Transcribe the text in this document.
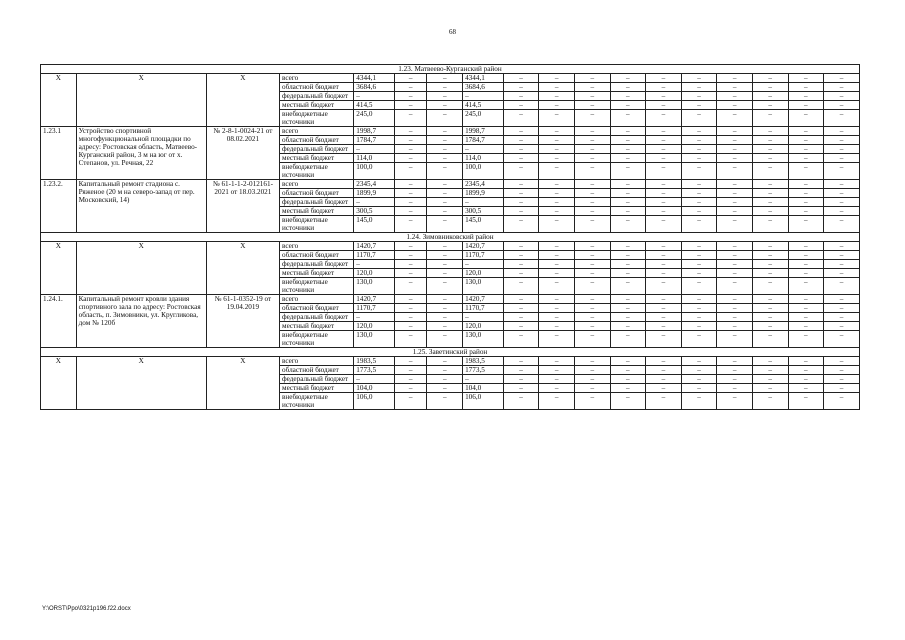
68
1.23. Матвеево-Курганский район																	
X	X	X	всего	4344,1	–	–	4344,1	–	–	–	–	–	–	–	–	–	–
			областной бюджет	3684,6	–	–	3684,6	–	–	–	–	–	–	–	–	–	–
			федеральный бюджет	–	–	–	–	–	–	–	–	–	–	–	–	–	–
			местный бюджет	414,5	–	–	414,5	–	–	–	–	–	–	–	–	–	–
			внебюджетные источники	245,0	–	–	245,0	–	–	–	–	–	–	–	–	–	–
1.23.1	Устройство спортивной многофункциональной площадки по адресу: Ростовская область, Матвеево-Курганский район, 3 м на юг от х. Степанов, ул. Речная, 22	№ 2-8-1-0024-21 от 08.02.2021	всего	1998,7	–	–	1998,7	–	–	–	–	–	–	–	–	–	–
			областной бюджет	1784,7	–	–	1784,7	–	–	–	–	–	–	–	–	–	–
			федеральный бюджет	–	–	–	–	–	–	–	–	–	–	–	–	–	–
			местный бюджет	114,0	–	–	114,0	–	–	–	–	–	–	–	–	–	–
			внебюджетные источники	100,0	–	–	100,0	–	–	–	–	–	–	–	–	–	–
1.23.2.	Капитальный ремонт стадиона с. Ряженое (20 м на северо-запад от пер. Московский, 14)	№ 61-1-1-2-012161-2021 от 18.03.2021	всего	2345,4	–	–	2345,4	–	–	–	–	–	–	–	–	–	–
			областной бюджет	1899,9	–	–	1899,9	–	–	–	–	–	–	–	–	–	–
			федеральный бюджет	–	–	–	–	–	–	–	–	–	–	–	–	–	–
			местный бюджет	300,5	–	–	300,5	–	–	–	–	–	–	–	–	–	–
			внебюджетные источники	145,0	–	–	145,0	–	–	–	–	–	–	–	–	–	–
1.24. Зимовниковский район																	
X	X	X	всего	1420,7	–	–	1420,7	–	–	–	–	–	–	–	–	–	–
			областной бюджет	1170,7	–	–	1170,7	–	–	–	–	–	–	–	–	–	–
			федеральный бюджет	–	–	–	–	–	–	–	–	–	–	–	–	–	–
			местный бюджет	120,0	–	–	120,0	–	–	–	–	–	–	–	–	–	–
			внебюджетные источники	130,0	–	–	130,0	–	–	–	–	–	–	–	–	–	–
1.24.1.	Капитальный ремонт кровли здания спортивного зала по адресу: Ростовская область, п. Зимовники, ул. Кругликова, дом № 120б	№ 61-1-0352-19 от 19.04.2019	всего	1420,7	–	–	1420,7	–	–	–	–	–	–	–	–	–	–
			областной бюджет	1170,7	–	–	1170,7	–	–	–	–	–	–	–	–	–	–
			федеральный бюджет	–	–	–	–	–	–	–	–	–	–	–	–	–	–
			местный бюджет	120,0	–	–	120,0	–	–	–	–	–	–	–	–	–	–
			внебюджетные источники	130,0	–	–	130,0	–	–	–	–	–	–	–	–	–	–
1.25. Заветинский район																	
X	X	X	всего	1983,5	–	–	1983,5	–	–	–	–	–	–	–	–	–	–
			областной бюджет	1773,5	–	–	1773,5	–	–	–	–	–	–	–	–	–	–
			федеральный бюджет	–	–	–	–	–	–	–	–	–	–	–	–	–	–
			местный бюджет	104,0	–	–	104,0	–	–	–	–	–	–	–	–	–	–
			внебюджетные источники	106,0	–	–	106,0	–	–	–	–	–	–	–	–	–	–
Y:\ORST\Ppo\0321p196.f22.docx
